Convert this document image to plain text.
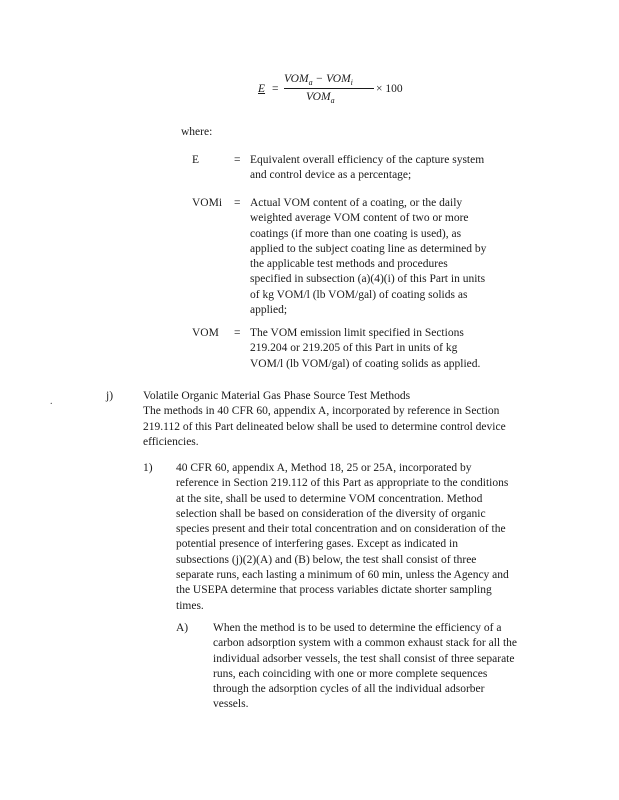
E =
$VOM_a - VOM_i$
$VOM_a$
× 100
where:
E	= Equivalent overall efficiency of the capture system
and control device as a percentage;
VOMi = Actual VOM content of a coating, or the daily
weighted average VOM content of two or more
coatings (if more than one coating is used), as
applied to the subject coating line as determined by
the applicable test methods and procedures
specified in subsection (a)(4)(i) of this Part in units
of kg VOM/l (lb VOM/gal) of coating solids as
applied;
VOM = The VOM emission limit specified in Sections
219.204 or 219.205 of this Part in units of kg
VOM/l (lb VOM/gal) of coating solids as applied.
.	j)	Volatile Organic Material Gas Phase Source Test Methods
The methods in 40 CFR 60, appendix A, incorporated by reference in Section
219.112 of this Part delineated below shall be used to determine control device
efficiencies.
1) 40 CFR 60, appendix A, Method 18, 25 or 25A, incorporated by
reference in Section 219.112 of this Part as appropriate to the conditions
at the site, shall be used to determine VOM concentration. Method
selection shall be based on consideration of the diversity of organic
species present and their total concentration and on consideration of the
potential presence of interfering gases. Except as indicated in
subsections (j)(2)(A) and (B) below, the test shall consist of three
separate runs, each lasting a minimum of 60 min, unless the Agency and
the USEPA determine that process variables dictate shorter sampling
times.
A) When the method is to be used to determine the efficiency of a
carbon adsorption system with a common exhaust stack for all the
individual adsorber vessels, the test shall consist of three separate
runs, each coinciding with one or more complete sequences
through the adsorption cycles of all the individual adsorber
vessels.
